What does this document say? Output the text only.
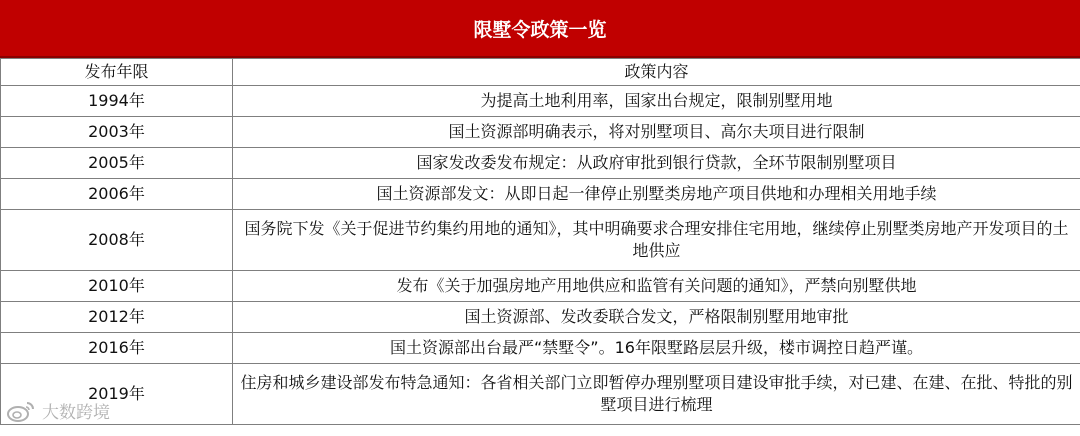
限墅令政策一览
发布年限	政策内容
1994年	为提高土地利用率，国家出台规定，限制别墅用地
2003年	国土资源部明确表示，将对别墅项目、高尔夫项目进行限制
2005年	国家发改委发布规定：从政府审批到银行贷款，全环节限制别墅项目
2006年	国土资源部发文：从即日起一律停止别墅类房地产项目供地和办理相关用地手续
2008年	国务院下发《关于促进节约集约用地的通知》，其中明确要求合理安排住宅用地，继续停止别墅类房地产开发项目的土地供应
2010年	发布《关于加强房地产用地供应和监管有关问题的通知》，严禁向别墅供地
2012年	国土资源部、发改委联合发文，严格限制别墅用地审批
2016年	国土资源部出台最严“禁墅令”。16年限墅路层层升级，楼市调控日趋严谨。
2019年	住房和城乡建设部发布特急通知：各省相关部门立即暂停办理别墅项目建设审批手续，对已建、在建、在批、特批的别墅项目进行梳理
大数跨境
